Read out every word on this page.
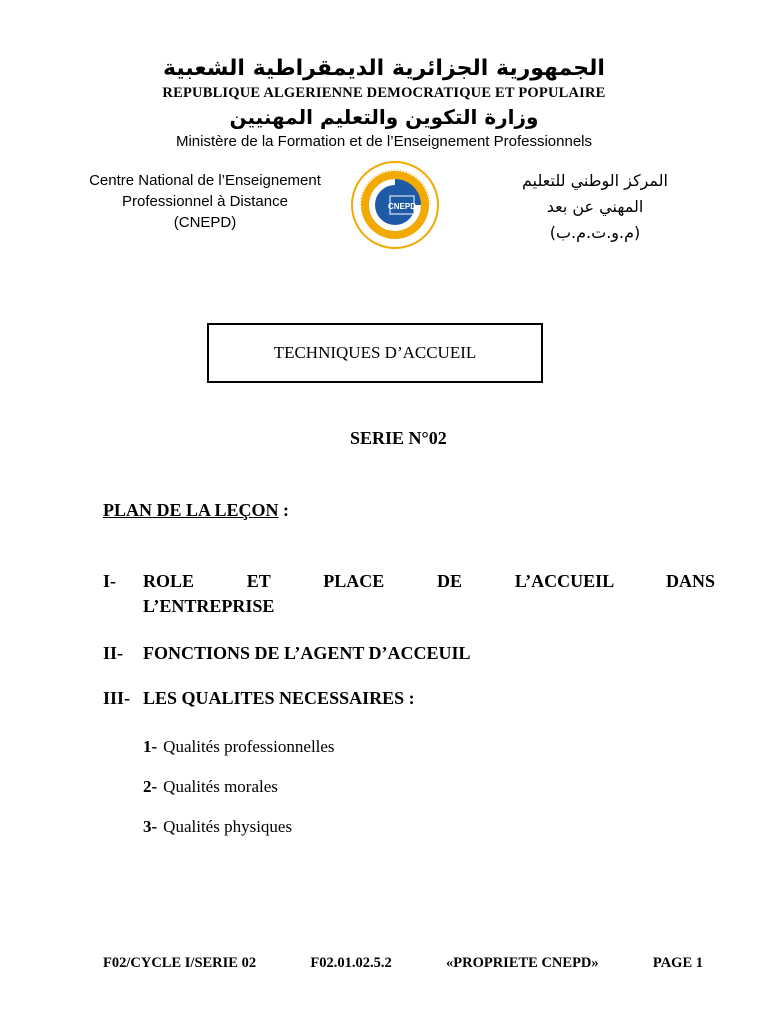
الجمهورية الجزائرية الديمقراطية الشعبية
REPUBLIQUE ALGERIENNE DEMOCRATIQUE ET POPULAIRE
وزارة التكوين والتعليم المهنيين
Ministère de la Formation et de l’Enseignement Professionnels
Centre National de l’Enseignement
Professionnel à Distance
(CNEPD)
CNEPD
المركز الوطني للتعليم
المهني عن بعد
(م.و.ت.م.ب)
TECHNIQUES D’ACCUEIL
SERIE N°02
PLAN DE LA LEÇON :
I-	ROLE ET PLACE DE L’ACCUEIL DANS
L’ENTREPRISE
II-	FONCTIONS DE L’AGENT D’ACCEUIL
III- LES QUALITES NECESSAIRES :
1- Qualités professionnelles
2- Qualités morales
3- Qualités physiques
F02/CYCLE I/SERIE 02	F02.01.02.5.2	«PROPRIETE CNEPD»	PAGE 1
